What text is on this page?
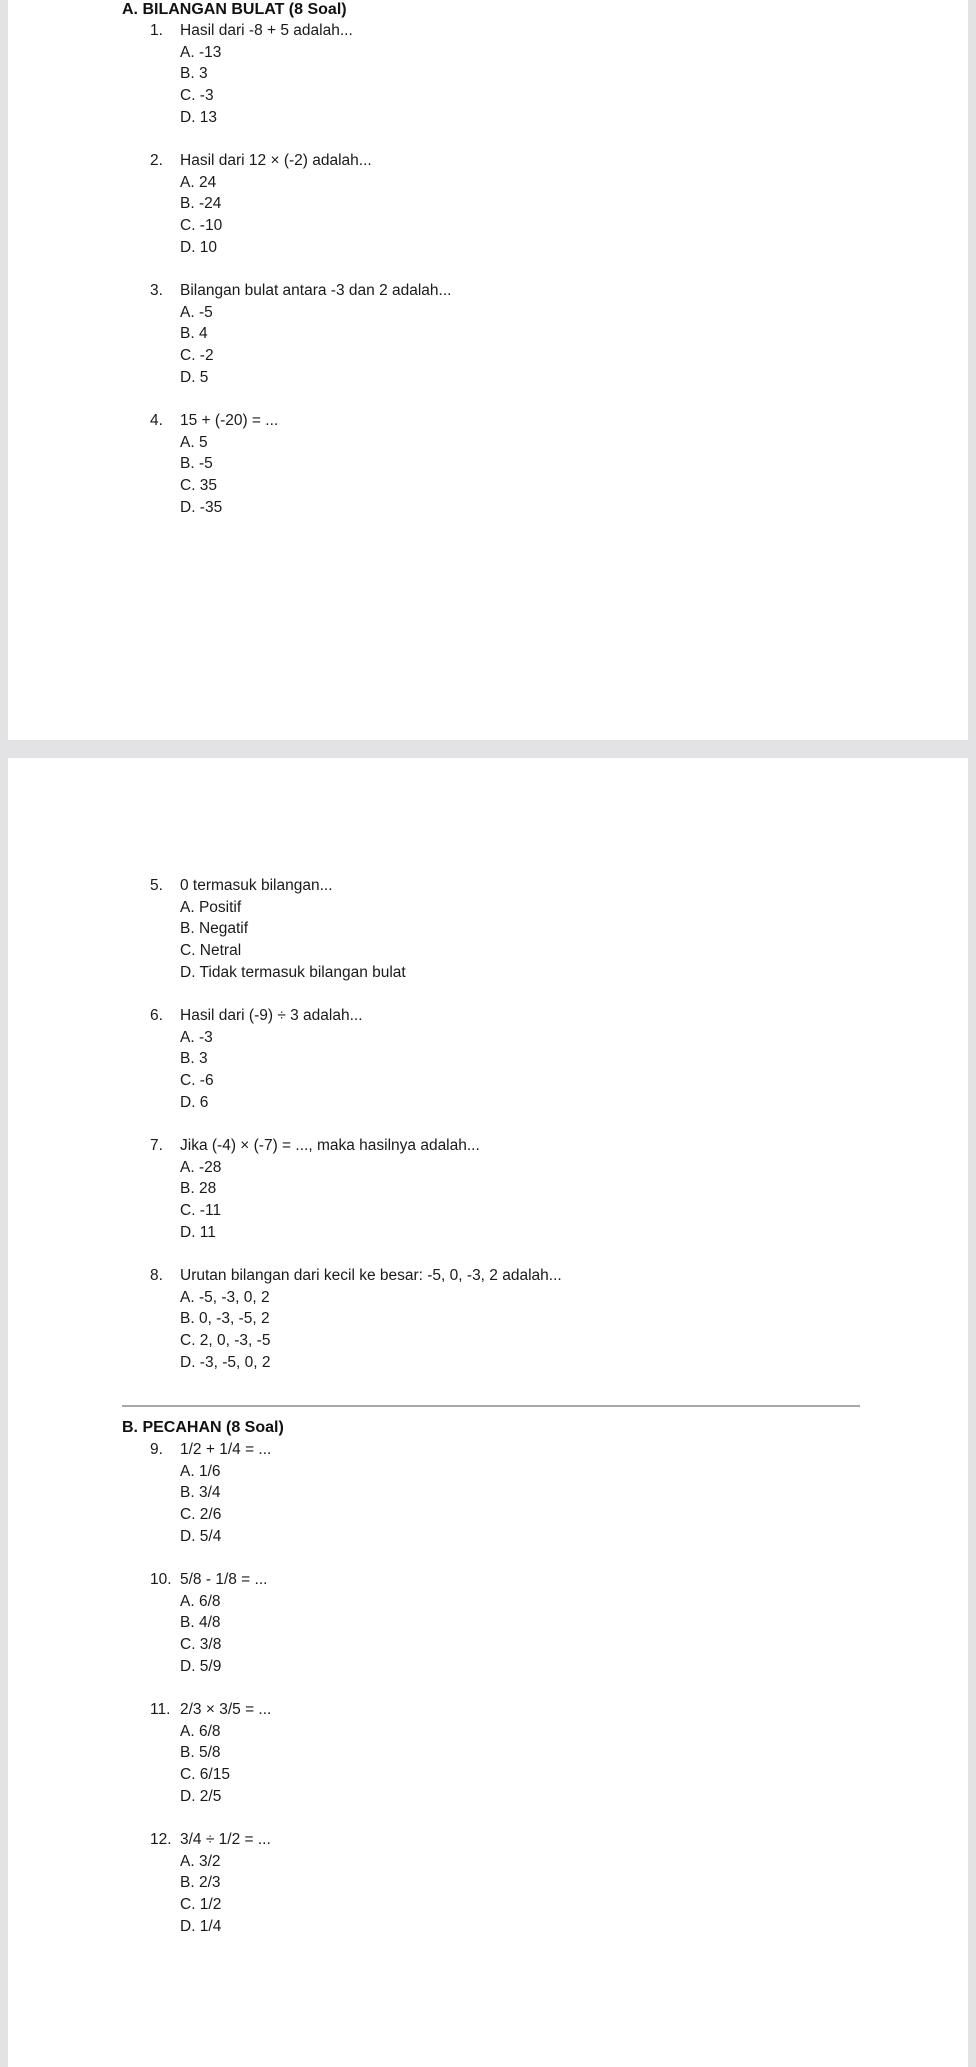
A. BILANGAN BULAT (8 Soal)
1. Hasil dari -8 + 5 adalah...
A. -13
B. 3
C. -3
D. 13
2. Hasil dari 12 × (-2) adalah...
A. 24
B. -24
C. -10
D. 10
3. Bilangan bulat antara -3 dan 2 adalah...
A. -5
B. 4
C. -2
D. 5
4. 15 + (-20) = ...
A. 5
B. -5
C. 35
D. -35
5. 0 termasuk bilangan...
A. Positif
B. Negatif
C. Netral
D. Tidak termasuk bilangan bulat
6. Hasil dari (-9) ÷ 3 adalah...
A. -3
B. 3
C. -6
D. 6
7. Jika (-4) × (-7) = ..., maka hasilnya adalah...
A. -28
B. 28
C. -11
D. 11
8. Urutan bilangan dari kecil ke besar: -5, 0, -3, 2 adalah...
A. -5, -3, 0, 2
B. 0, -3, -5, 2
C. 2, 0, -3, -5
D. -3, -5, 0, 2
B. PECAHAN (8 Soal)
9. 1/2 + 1/4 = ...
A. 1/6
B. 3/4
C. 2/6
D. 5/4
10. 5/8 - 1/8 = ...
A. 6/8
B. 4/8
C. 3/8
D. 5/9
11. 2/3 × 3/5 = ...
A. 6/8
B. 5/8
C. 6/15
D. 2/5
12. 3/4 ÷ 1/2 = ...
A. 3/2
B. 2/3
C. 1/2
D. 1/4
